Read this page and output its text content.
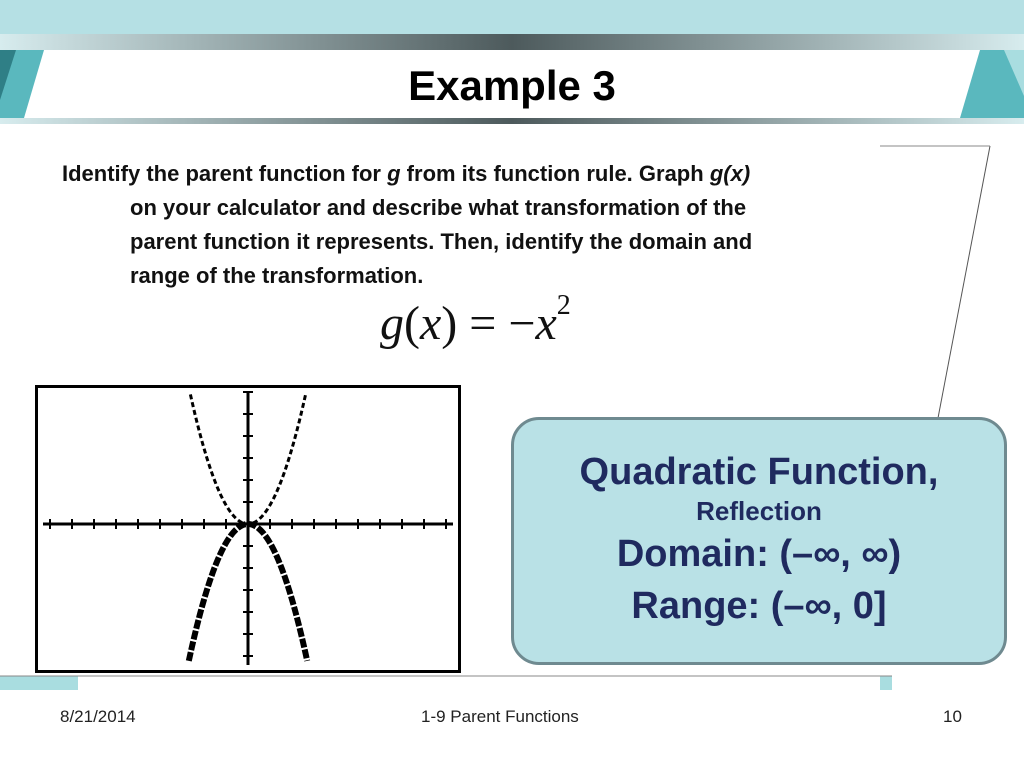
Example 3
Identify the parent function for g from its function rule. Graph g(x)
on your calculator and describe what transformation of the
parent function it represents. Then, identify the domain and
range of the transformation.
$g(x) = -x^2$
Quadratic Function,
Reflection
Domain: (–∞, ∞)
Range: (–∞, 0]
8/21/2014	1-9 Parent Functions	10
